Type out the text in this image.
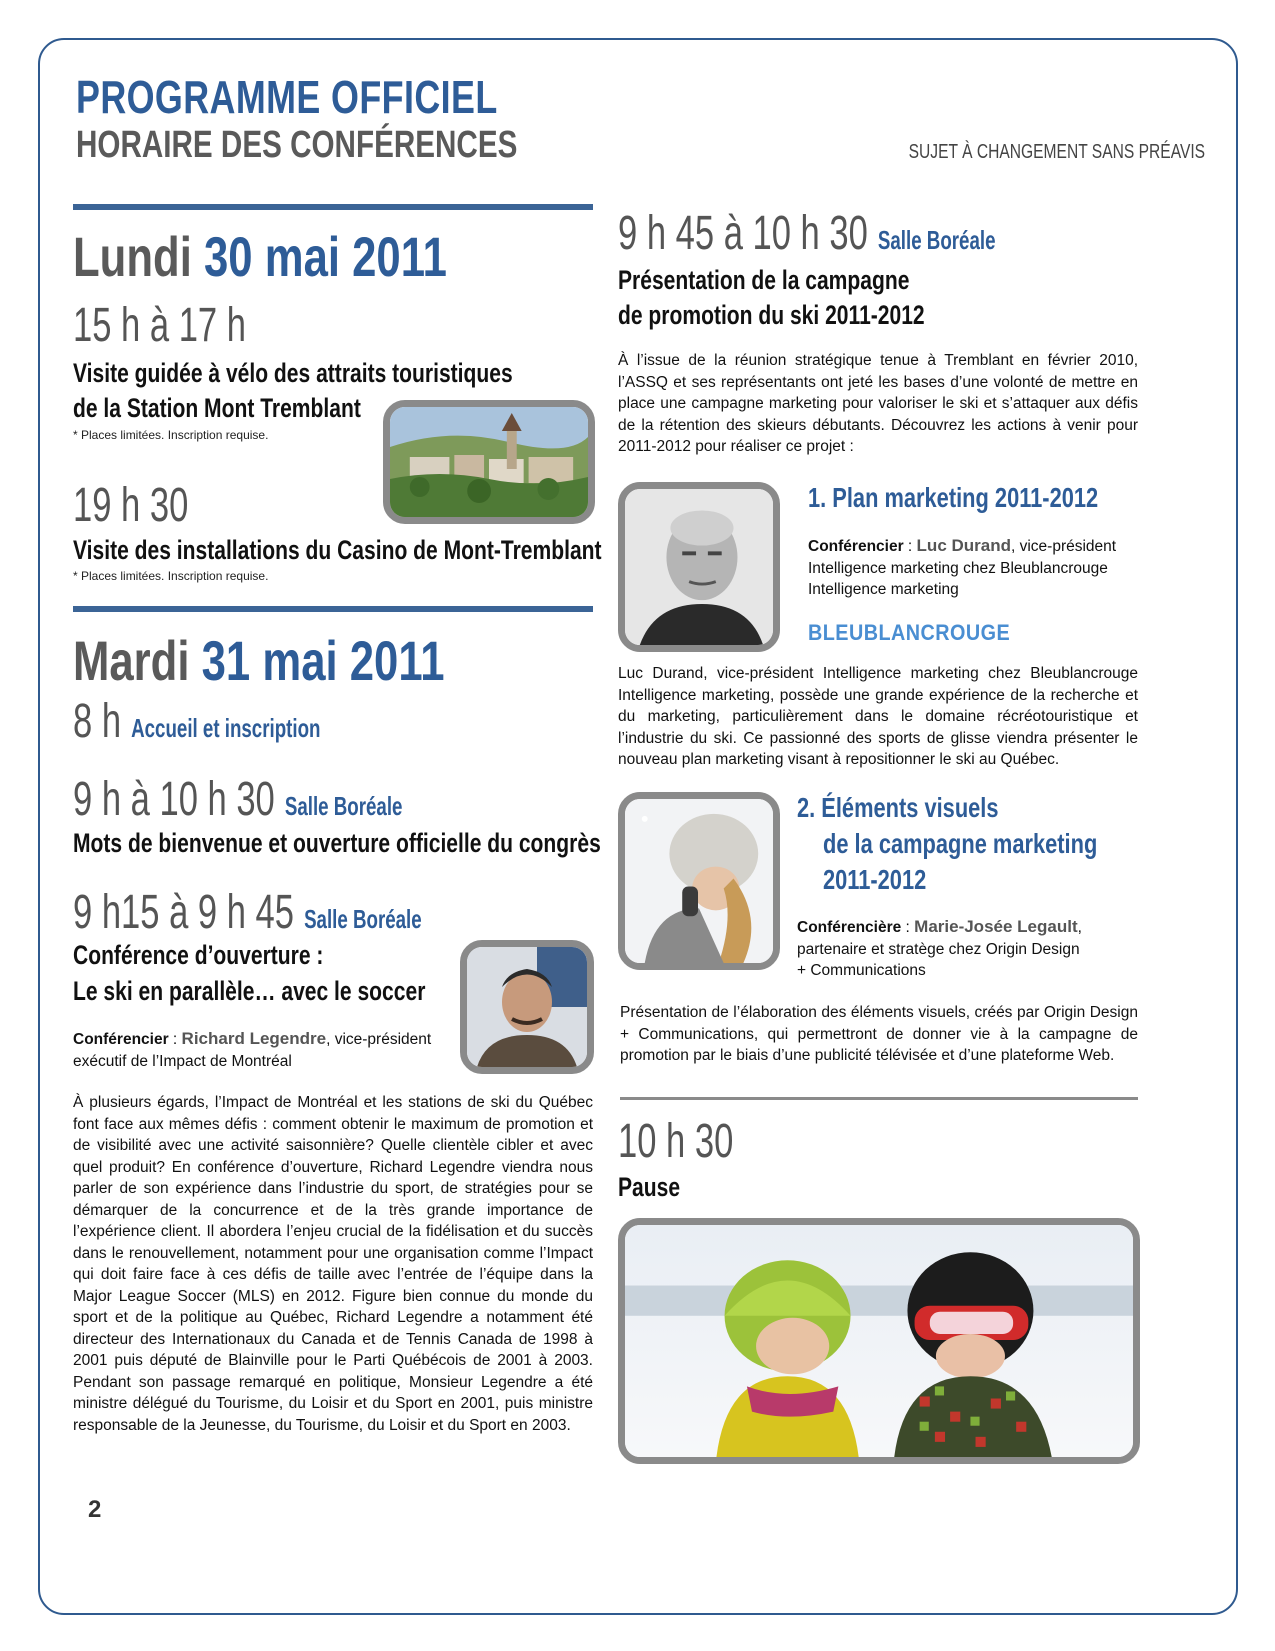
PROGRAMME OFFICIEL
HORAIRE DES CONFÉRENCES	SUJET À CHANGEMENT SANS PRÉAVIS
Lundi 30 mai 2011
15 h à 17 h
Visite guidée à vélo des attraits touristiques
de la Station Mont Tremblant
* Places limitées. Inscription requise.
19 h 30
Visite des installations du Casino de Mont-Tremblant
* Places limitées. Inscription requise.
Mardi 31 mai 2011
8 h Accueil et inscription
9 h à 10 h 30 Salle Boréale
Mots de bienvenue et ouverture officielle du congrès
9 h15 à 9 h 45 Salle Boréale
Conférence d’ouverture :
Le ski en parallèle… avec le soccer
Conférencier : Richard Legendre, vice-président
exécutif de l’Impact de Montréal
À plusieurs égards, l’Impact de Montréal et les stations de ski du Québec font face aux mêmes défis : comment obtenir le maximum de promotion et de visibilité avec une activité saisonnière? Quelle clientèle cibler et avec quel produit? En conférence d’ouverture, Richard Legendre viendra nous parler de son expérience dans l’industrie du sport, de stratégies pour se démarquer de la concurrence et de la très grande importance de l’expérience client. Il abordera l’enjeu crucial de la fidélisation et du succès dans le renouvellement, notamment pour une organisation comme l’Impact qui doit faire face à ces défis de taille avec l’entrée de l’équipe dans la Major League Soccer (MLS) en 2012. Figure bien connue du monde du sport et de la politique au Québec, Richard Legendre a notamment été directeur des Internationaux du Canada et de Tennis Canada de 1998 à 2001 puis député de Blainville pour le Parti Québécois de 2001 à 2003. Pendant son passage remarqué en politique, Monsieur Legendre a été ministre délégué du Tourisme, du Loisir et du Sport en 2001, puis ministre responsable de la Jeunesse, du Tourisme, du Loisir et du Sport en 2003.
2
9 h 45 à 10 h 30 Salle Boréale
Présentation de la campagne
de promotion du ski 2011-2012
À l’issue de la réunion stratégique tenue à Tremblant en février 2010, l’ASSQ et ses représentants ont jeté les bases d’une volonté de mettre en place une campagne marketing pour valoriser le ski et s’attaquer aux défis de la rétention des skieurs débutants. Découvrez les actions à venir pour 2011-2012 pour réaliser ce projet :
1. Plan marketing 2011-2012
Conférencier : Luc Durand, vice-président
Intelligence marketing chez Bleublancrouge
Intelligence marketing
BLEUBLANCROUGE
Luc Durand, vice-président Intelligence marketing chez Bleublancrouge Intelligence marketing, possède une grande expérience de la recherche et du marketing, particulièrement dans le domaine récréotouristique et l’industrie du ski. Ce passionné des sports de glisse viendra présenter le nouveau plan marketing visant à repositionner le ski au Québec.
2. Éléments visuels
de la campagne marketing
2011-2012
Conférencière : Marie-Josée Legault,
partenaire et stratège chez Origin Design
+ Communications
Présentation de l’élaboration des éléments visuels, créés par Origin Design + Communications, qui permettront de donner vie à la campagne de promotion par le biais d’une publicité télévisée et d’une plateforme Web.
10 h 30
Pause
